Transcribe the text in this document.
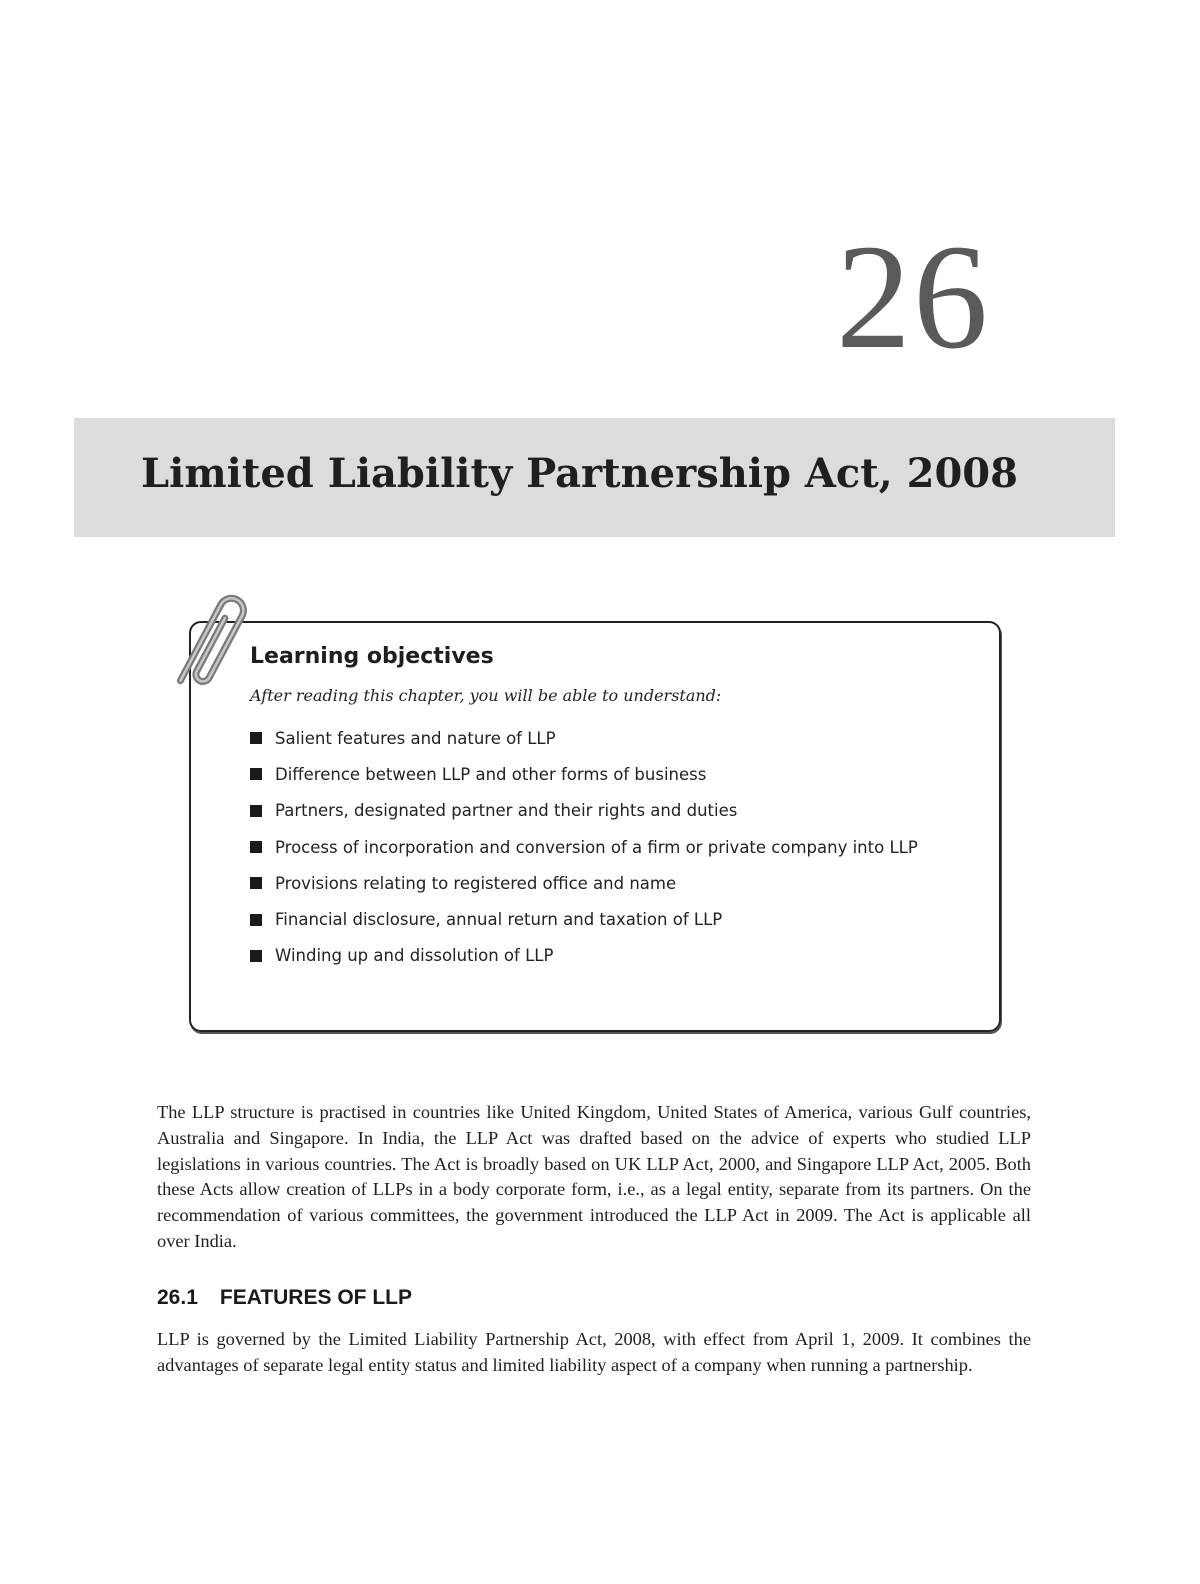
26
Limited Liability Partnership Act, 2008
Learning objectives
After reading this chapter, you will be able to understand:
Salient features and nature of LLP
Difference between LLP and other forms of business
Partners, designated partner and their rights and duties
Process of incorporation and conversion of a firm or private company into LLP
Provisions relating to registered office and name
Financial disclosure, annual return and taxation of LLP
Winding up and dissolution of LLP

The LLP structure is practised in countries like United Kingdom, United States of America, various Gulf countries, Australia and Singapore. In India, the LLP Act was drafted based on the advice of experts who studied LLP legislations in various countries. The Act is broadly based on UK LLP Act, 2000, and Singapore LLP Act, 2005. Both these Acts allow creation of LLPs in a body corporate form, i.e., as a legal entity, separate from its partners. On the recommendation of various committees, the government introduced the LLP Act in 2009. The Act is applicable all over India.

26.1 FEATURES OF LLP

LLP is governed by the Limited Liability Partnership Act, 2008, with effect from April 1, 2009. It combines the advantages of separate legal entity status and limited liability aspect of a company when running a partnership.
